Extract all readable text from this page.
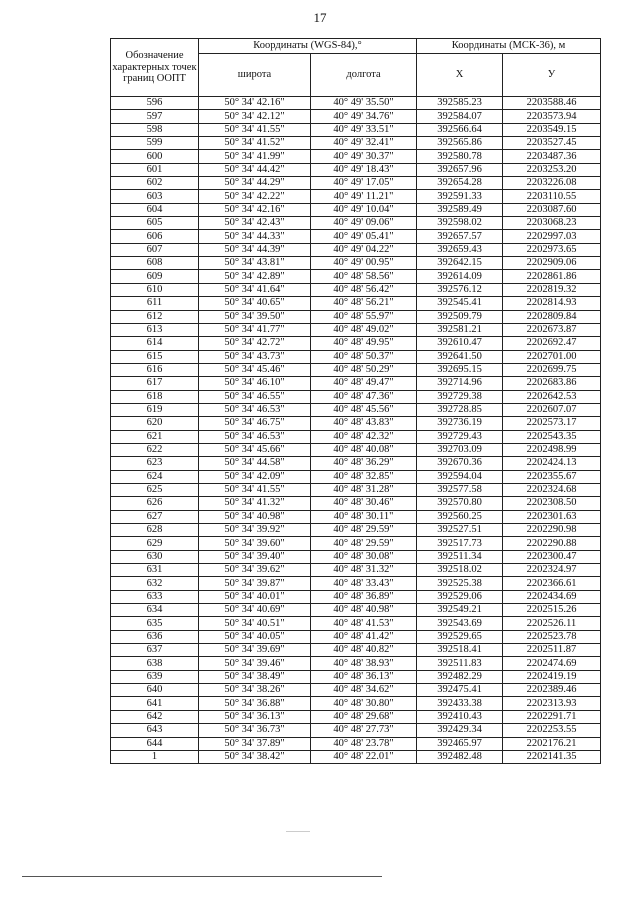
17
Обозначение характерных точек границ ООПТ	Координаты (WGS-84),°		Координаты (МСК-36), м	
	широта	долгота	X	У
596	50° 34' 42.16"	40° 49' 35.50"	392585.23	2203588.46
597	50° 34' 42.12"	40° 49' 34.76"	392584.07	2203573.94
598	50° 34' 41.55"	40° 49' 33.51"	392566.64	2203549.15
599	50° 34' 41.52"	40° 49' 32.41"	392565.86	2203527.45
600	50° 34' 41.99"	40° 49' 30.37"	392580.78	2203487.36
601	50° 34' 44.42"	40° 49' 18.43"	392657.96	2203253.20
602	50° 34' 44.29"	40° 49' 17.05"	392654.28	2203226.08
603	50° 34' 42.22"	40° 49' 11.21"	392591.33	2203110.55
604	50° 34' 42.16"	40° 49' 10.04"	392589.49	2203087.60
605	50° 34' 42.43"	40° 49' 09.06"	392598.02	2203068.23
606	50° 34' 44.33"	40° 49' 05.41"	392657.57	2202997.03
607	50° 34' 44.39"	40° 49' 04.22"	392659.43	2202973.65
608	50° 34' 43.81"	40° 49' 00.95"	392642.15	2202909.06
609	50° 34' 42.89"	40° 48' 58.56"	392614.09	2202861.86
610	50° 34' 41.64"	40° 48' 56.42"	392576.12	2202819.32
611	50° 34' 40.65"	40° 48' 56.21"	392545.41	2202814.93
612	50° 34' 39.50"	40° 48' 55.97"	392509.79	2202809.84
613	50° 34' 41.77"	40° 48' 49.02"	392581.21	2202673.87
614	50° 34' 42.72"	40° 48' 49.95"	392610.47	2202692.47
615	50° 34' 43.73"	40° 48' 50.37"	392641.50	2202701.00
616	50° 34' 45.46"	40° 48' 50.29"	392695.15	2202699.75
617	50° 34' 46.10"	40° 48' 49.47"	392714.96	2202683.86
618	50° 34' 46.55"	40° 48' 47.36"	392729.38	2202642.53
619	50° 34' 46.53"	40° 48' 45.56"	392728.85	2202607.07
620	50° 34' 46.75"	40° 48' 43.83"	392736.19	2202573.17
621	50° 34' 46.53"	40° 48' 42.32"	392729.43	2202543.35
622	50° 34' 45.66"	40° 48' 40.08"	392703.09	2202498.99
623	50° 34' 44.58"	40° 48' 36.29"	392670.36	2202424.13
624	50° 34' 42.09"	40° 48' 32.85"	392594.04	2202355.67
625	50° 34' 41.55"	40° 48' 31.28"	392577.58	2202324.68
626	50° 34' 41.32"	40° 48' 30.46"	392570.80	2202308.50
627	50° 34' 40.98"	40° 48' 30.11"	392560.25	2202301.63
628	50° 34' 39.92"	40° 48' 29.59"	392527.51	2202290.98
629	50° 34' 39.60"	40° 48' 29.59"	392517.73	2202290.88
630	50° 34' 39.40"	40° 48' 30.08"	392511.34	2202300.47
631	50° 34' 39.62"	40° 48' 31.32"	392518.02	2202324.97
632	50° 34' 39.87"	40° 48' 33.43"	392525.38	2202366.61
633	50° 34' 40.01"	40° 48' 36.89"	392529.06	2202434.69
634	50° 34' 40.69"	40° 48' 40.98"	392549.21	2202515.26
635	50° 34' 40.51"	40° 48' 41.53"	392543.69	2202526.11
636	50° 34' 40.05"	40° 48' 41.42"	392529.65	2202523.78
637	50° 34' 39.69"	40° 48' 40.82"	392518.41	2202511.87
638	50° 34' 39.46"	40° 48' 38.93"	392511.83	2202474.69
639	50° 34' 38.49"	40° 48' 36.13"	392482.29	2202419.19
640	50° 34' 38.26"	40° 48' 34.62"	392475.41	2202389.46
641	50° 34' 36.88"	40° 48' 30.80"	392433.38	2202313.93
642	50° 34' 36.13"	40° 48' 29.68"	392410.43	2202291.71
643	50° 34' 36.73"	40° 48' 27.73"	392429.34	2202253.55
644	50° 34' 37.89"	40° 48' 23.78"	392465.97	2202176.21
1	50° 34' 38.42"	40° 48' 22.01"	392482.48	2202141.35
